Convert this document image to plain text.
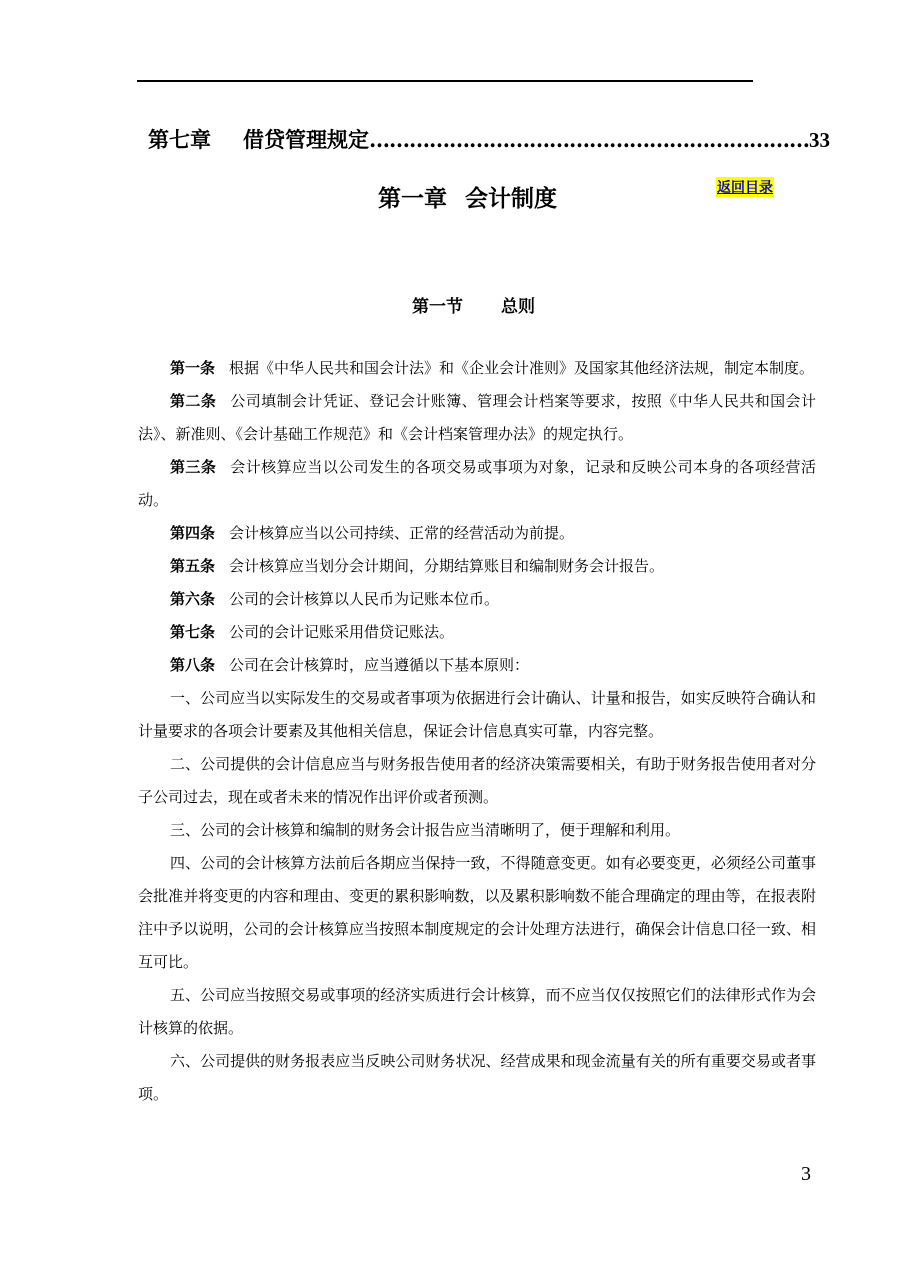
第七章 借贷管理规定…………………………………………………………33
第一章 会计制度	返回目录
第一节 总则

第一条 根据《中华人民共和国会计法》和《企业会计准则》及国家其他经济法规，制定本制度。

第二条 公司填制会计凭证、登记会计账簿、管理会计档案等要求，按照《中华人民共和国会计法》、新准则、《会计基础工作规范》和《会计档案管理办法》的规定执行。

第三条 会计核算应当以公司发生的各项交易或事项为对象，记录和反映公司本身的各项经营活动。

第四条 会计核算应当以公司持续、正常的经营活动为前提。

第五条 会计核算应当划分会计期间，分期结算账目和编制财务会计报告。

第六条 公司的会计核算以人民币为记账本位币。

第七条 公司的会计记账采用借贷记账法。

第八条 公司在会计核算时，应当遵循以下基本原则：

一、公司应当以实际发生的交易或者事项为依据进行会计确认、计量和报告，如实反映符合确认和计量要求的各项会计要素及其他相关信息，保证会计信息真实可靠，内容完整。

二、公司提供的会计信息应当与财务报告使用者的经济决策需要相关，有助于财务报告使用者对分子公司过去，现在或者未来的情况作出评价或者预测。

三、公司的会计核算和编制的财务会计报告应当清晰明了，便于理解和利用。

四、公司的会计核算方法前后各期应当保持一致，不得随意变更。如有必要变更，必须经公司董事会批准并将变更的内容和理由、变更的累积影响数，以及累积影响数不能合理确定的理由等，在报表附注中予以说明，公司的会计核算应当按照本制度规定的会计处理方法进行，确保会计信息口径一致、相互可比。

五、公司应当按照交易或事项的经济实质进行会计核算，而不应当仅仅按照它们的法律形式作为会计核算的依据。

六、公司提供的财务报表应当反映公司财务状况、经营成果和现金流量有关的所有重要交易或者事项。

3
